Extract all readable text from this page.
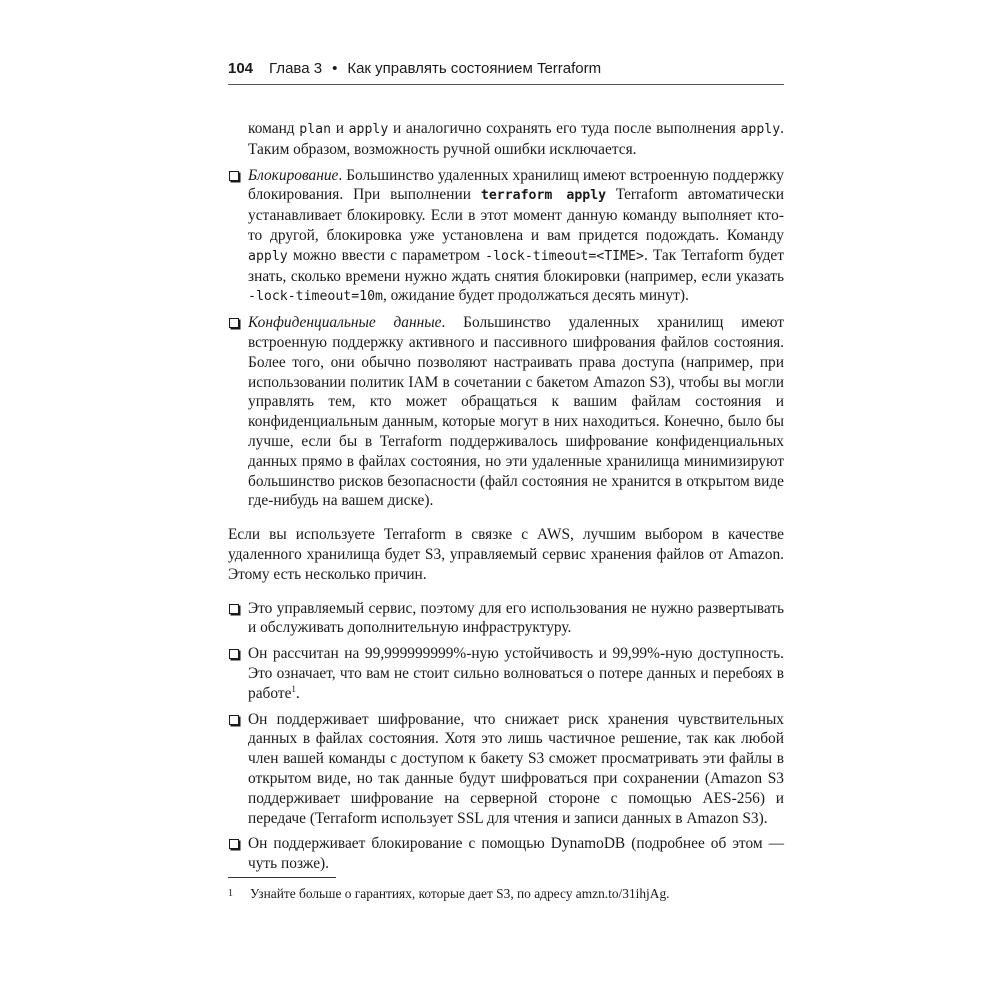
104 Глава 3 • Как управлять состоянием Terraform

команд plan и apply и аналогично сохранять его туда после выполнения apply. Таким образом, возможность ручной ошибки исключается.

Блокирование. Большинство удаленных хранилищ имеют встроенную поддержку блокирования. При выполнении terraform apply Terraform автоматически устанавливает блокировку. Если в этот момент данную команду выполняет кто-то другой, блокировка уже установлена и вам придется подождать. Команду apply можно ввести с параметром -lock-timeout=<TIME>. Так Terraform будет знать, сколько времени нужно ждать снятия блокировки (например, если указать -lock-timeout=10m, ожидание будет продолжаться десять минут).

Конфиденциальные данные. Большинство удаленных хранилищ имеют встроенную поддержку активного и пассивного шифрования файлов состояния. Более того, они обычно позволяют настраивать права доступа (например, при использовании политик IAM в сочетании с бакетом Amazon S3), чтобы вы могли управлять тем, кто может обращаться к вашим файлам состояния и конфиденциальным данным, которые могут в них находиться. Конечно, было бы лучше, если бы в Terraform поддерживалось шифрование конфиденциальных данных прямо в файлах состояния, но эти удаленные хранилища минимизируют большинство рисков безопасности (файл состояния не хранится в открытом виде где-нибудь на вашем диске).

Если вы используете Terraform в связке с AWS, лучшим выбором в качестве удаленного хранилища будет S3, управляемый сервис хранения файлов от Amazon. Этому есть несколько причин.

Это управляемый сервис, поэтому для его использования не нужно развертывать и обслуживать дополнительную инфраструктуру.

Он рассчитан на 99,999999999%-ную устойчивость и 99,99%-ную доступность. Это означает, что вам не стоит сильно волноваться о потере данных и перебоях в работе$^1$.

Он поддерживает шифрование, что снижает риск хранения чувствительных данных в файлах состояния. Хотя это лишь частичное решение, так как любой член вашей команды с доступом к бакету S3 сможет просматривать эти файлы в открытом виде, но так данные будут шифроваться при сохранении (Amazon S3 поддерживает шифрование на серверной стороне с помощью AES-256) и передаче (Terraform использует SSL для чтения и записи данных в Amazon S3).

Он поддерживает блокирование с помощью DynamoDB (подробнее об этом — чуть позже).

1 Узнайте больше о гарантиях, которые дает S3, по адресу amzn.to/31ihjAg.
